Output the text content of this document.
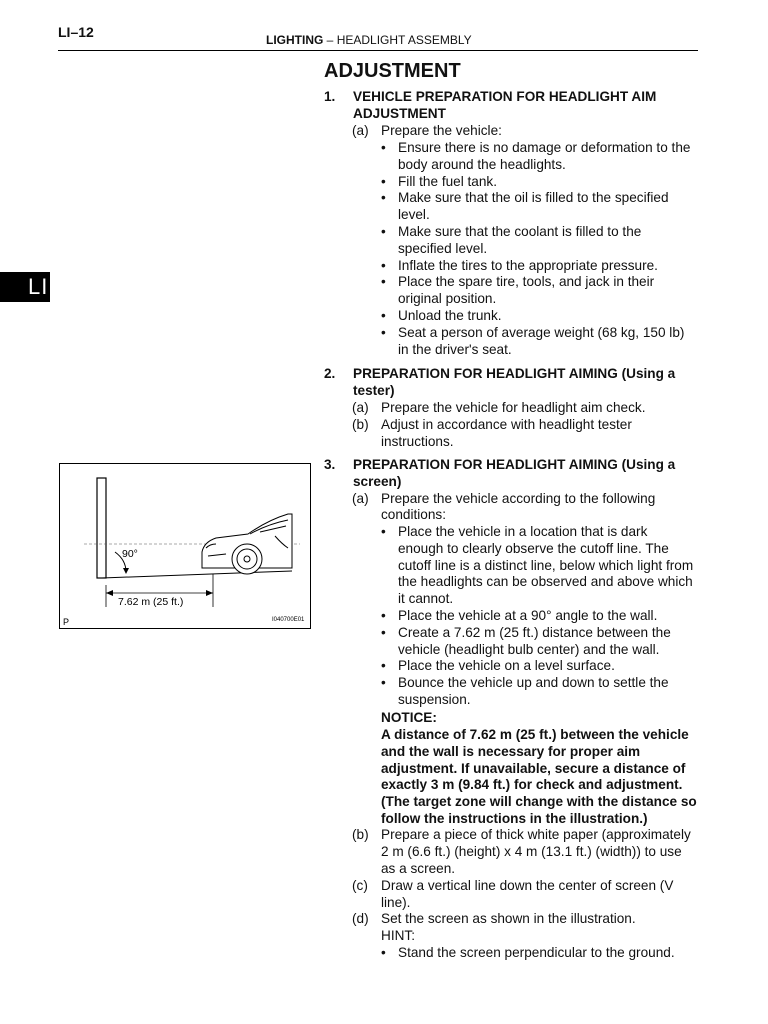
LI–12	LIGHTING – HEADLIGHT ASSEMBLY
LI
ADJUSTMENT
1. VEHICLE PREPARATION FOR HEADLIGHT AIM
ADJUSTMENT
(a) Prepare the vehicle:
• Ensure there is no damage or deformation to the
body around the headlights.
• Fill the fuel tank.
• Make sure that the oil is filled to the specified
level.
• Make sure that the coolant is filled to the
specified level.
• Inflate the tires to the appropriate pressure.
• Place the spare tire, tools, and jack in their
original position.
• Unload the trunk.
• Seat a person of average weight (68 kg, 150 lb)
in the driver's seat.
2. PREPARATION FOR HEADLIGHT AIMING (Using a
tester)
(a) Prepare the vehicle for headlight aim check.
(b) Adjust in accordance with headlight tester
instructions.
3. PREPARATION FOR HEADLIGHT AIMING (Using a
screen)
(a) Prepare the vehicle according to the following
conditions:
• Place the vehicle in a location that is dark
enough to clearly observe the cutoff line. The
cutoff line is a distinct line, below which light from
the headlights can be observed and above which
it cannot.
• Place the vehicle at a 90° angle to the wall.
• Create a 7.62 m (25 ft.) distance between the
vehicle (headlight bulb center) and the wall.
• Place the vehicle on a level surface.
• Bounce the vehicle up and down to settle the
suspension.
NOTICE:
A distance of 7.62 m (25 ft.) between the vehicle
and the wall is necessary for proper aim
adjustment. If unavailable, secure a distance of
exactly 3 m (9.84 ft.) for check and adjustment.
(The target zone will change with the distance so
follow the instructions in the illustration.)
(b) Prepare a piece of thick white paper (approximately
2 m (6.6 ft.) (height) x 4 m (13.1 ft.) (width)) to use
as a screen.
(c) Draw a vertical line down the center of screen (V
line).
(d) Set the screen as shown in the illustration.
HINT:
• Stand the screen perpendicular to the ground.
90°
7.62 m (25 ft.)
P	I040700E01
